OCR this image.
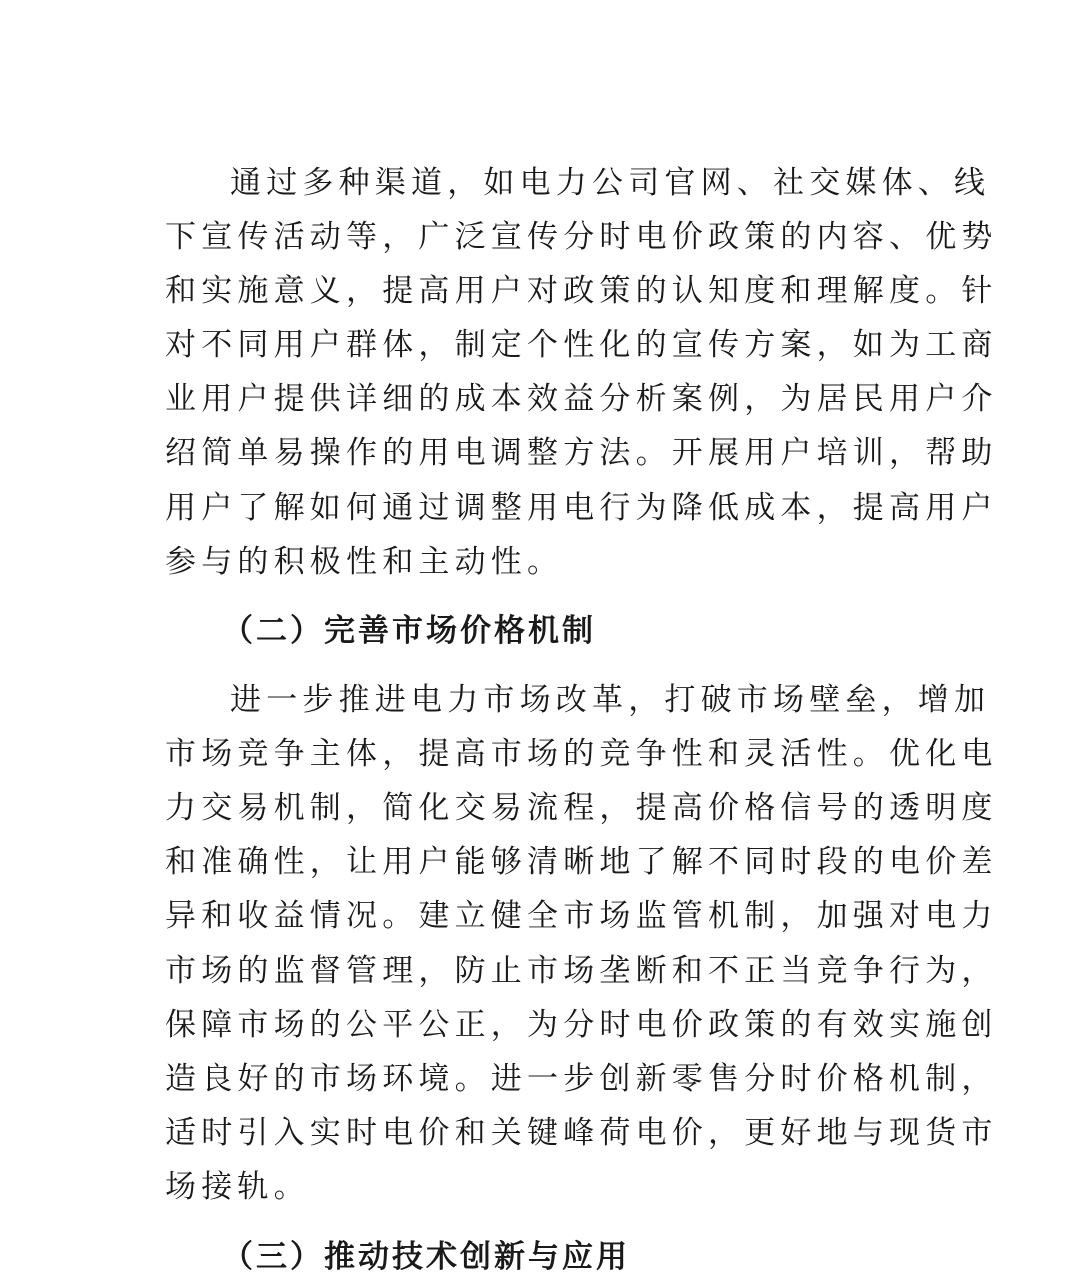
通过多种渠道，如电力公司官网、社交媒体、线
下宣传活动等，广泛宣传分时电价政策的内容、优势
和实施意义，提高用户对政策的认知度和理解度。针
对不同用户群体，制定个性化的宣传方案，如为工商
业用户提供详细的成本效益分析案例，为居民用户介
绍简单易操作的用电调整方法。开展用户培训，帮助
用户了解如何通过调整用电行为降低成本，提高用户
参与的积极性和主动性。
（二）完善市场价格机制
进一步推进电力市场改革，打破市场壁垒，增加
市场竞争主体，提高市场的竞争性和灵活性。优化电
力交易机制，简化交易流程，提高价格信号的透明度
和准确性，让用户能够清晰地了解不同时段的电价差
异和收益情况。建立健全市场监管机制，加强对电力
市场的监督管理，防止市场垄断和不正当竞争行为，
保障市场的公平公正，为分时电价政策的有效实施创
造良好的市场环境。进一步创新零售分时价格机制，
适时引入实时电价和关键峰荷电价，更好地与现货市
场接轨。
（三）推动技术创新与应用
